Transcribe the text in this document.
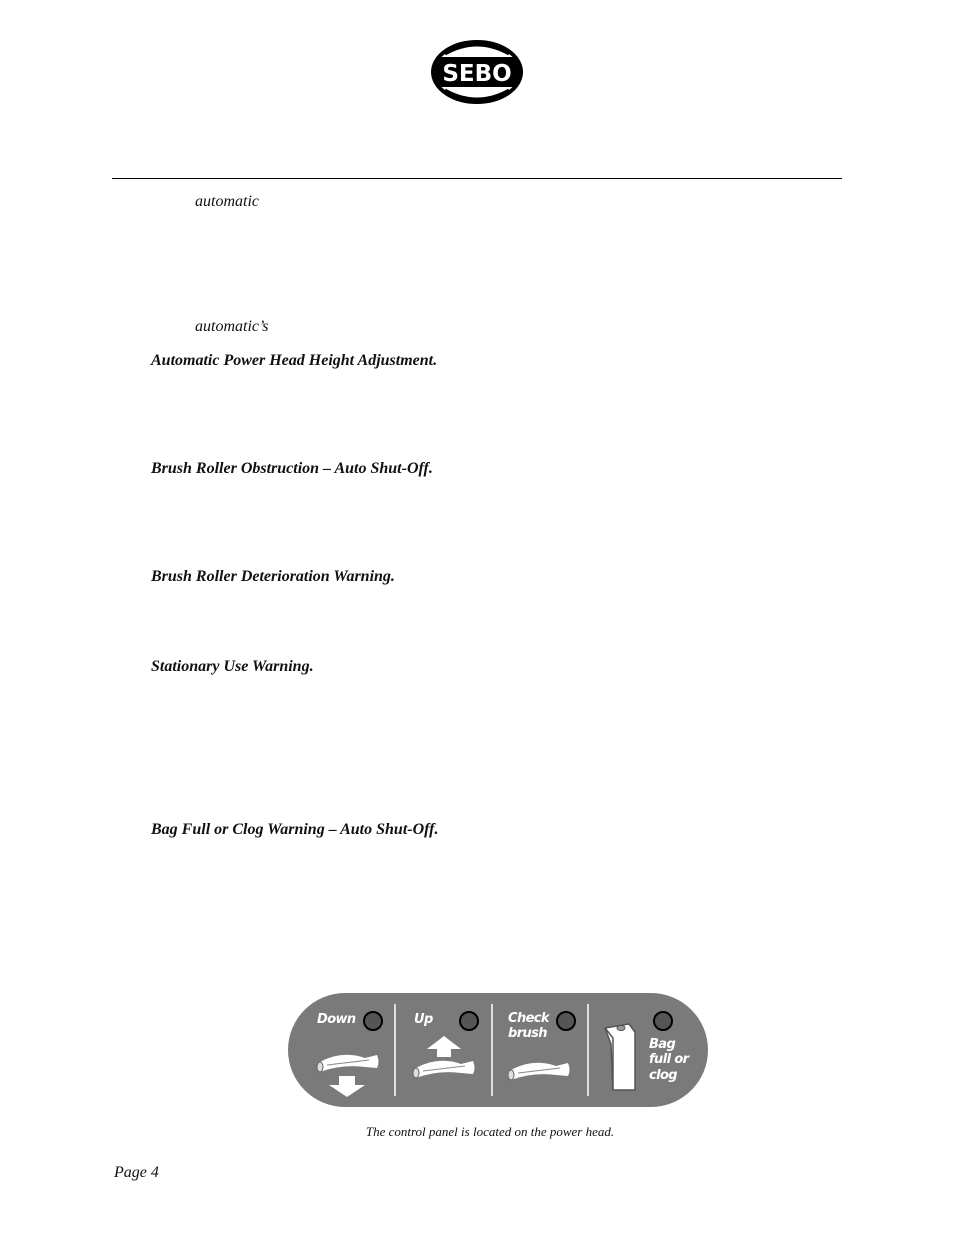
SEBO
automatic
automatic’s
Automatic Power Head Height Adjustment.
Brush Roller Obstruction – Auto Shut-Off.
Brush Roller Deterioration Warning.
Stationary Use Warning.
Bag Full or Clog Warning – Auto Shut-Off.
Down	Up	Check
brush
Bag
full or
clog
The control panel is located on the power head.
Page 4
